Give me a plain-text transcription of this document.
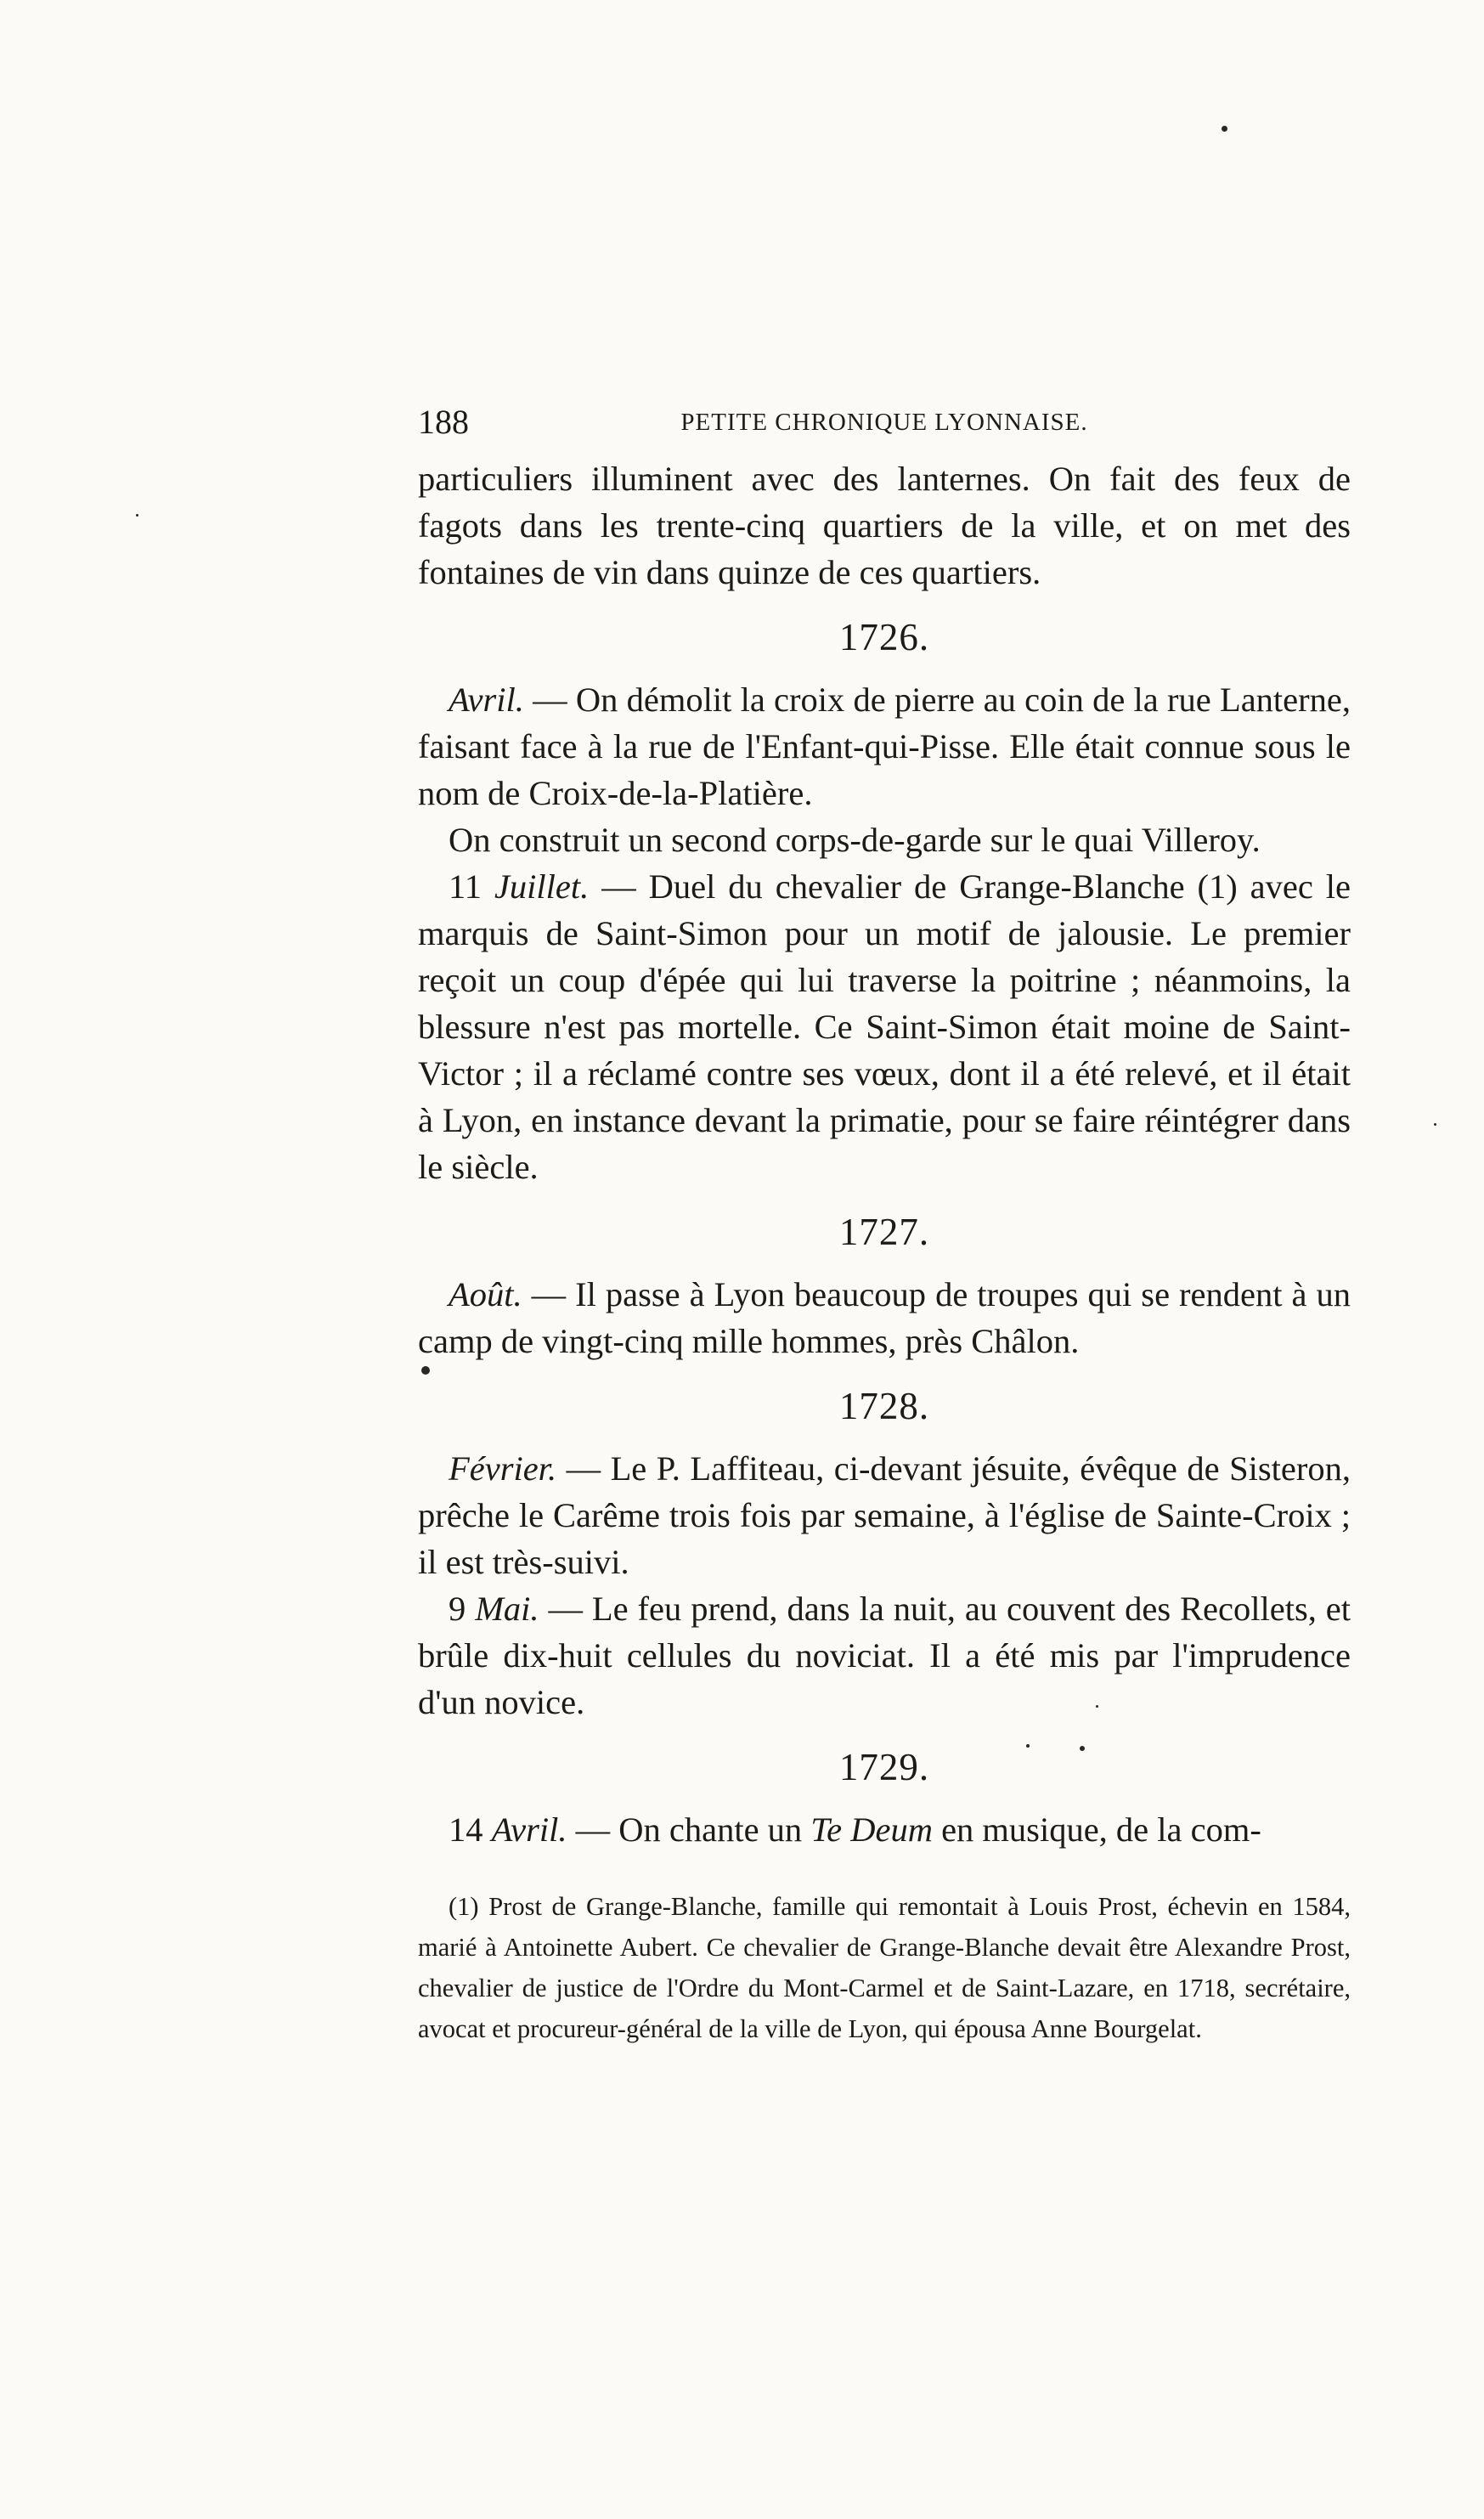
188	PETITE CHRONIQUE LYONNAISE.

particuliers illuminent avec des lanternes. On fait des feux de fagots dans les trente-cinq quartiers de la ville, et on met des fontaines de vin dans quinze de ces quartiers.

1726.

Avril. — On démolit la croix de pierre au coin de la rue Lanterne, faisant face à la rue de l'Enfant-qui-Pisse. Elle était connue sous le nom de Croix-de-la-Platière.

On construit un second corps-de-garde sur le quai Villeroy.

11 Juillet. — Duel du chevalier de Grange-Blanche (1) avec le marquis de Saint-Simon pour un motif de jalousie. Le premier reçoit un coup d'épée qui lui traverse la poitrine ; néanmoins, la blessure n'est pas mortelle. Ce Saint-Simon était moine de Saint-Victor ; il a réclamé contre ses vœux, dont il a été relevé, et il était à Lyon, en instance devant la primatie, pour se faire réintégrer dans le siècle.

1727.

Août. — Il passe à Lyon beaucoup de troupes qui se rendent à un camp de vingt-cinq mille hommes, près Châlon.

1728.

Février. — Le P. Laffiteau, ci-devant jésuite, évêque de Sisteron, prêche le Carême trois fois par semaine, à l'église de Sainte-Croix ; il est très-suivi.

9 Mai. — Le feu prend, dans la nuit, au couvent des Recollets, et brûle dix-huit cellules du noviciat. Il a été mis par l'imprudence d'un novice.

1729.

14 Avril. — On chante un Te Deum en musique, de la com-

(1) Prost de Grange-Blanche, famille qui remontait à Louis Prost, échevin en 1584, marié à Antoinette Aubert. Ce chevalier de Grange-Blanche devait être Alexandre Prost, chevalier de justice de l'Ordre du Mont-Carmel et de Saint-Lazare, en 1718, secrétaire, avocat et procureur-général de la ville de Lyon, qui épousa Anne Bourgelat.
